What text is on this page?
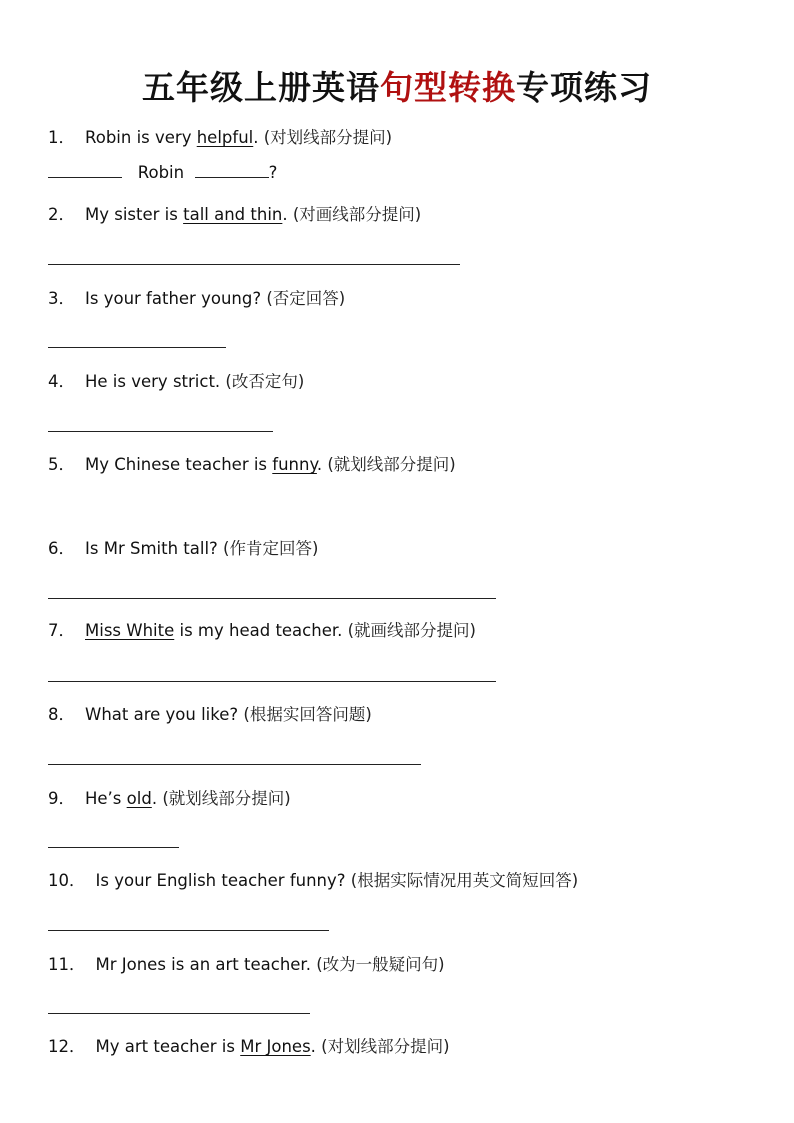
五年级上册英语句型转换专项练习
1． Robin is very helpful. (对划线部分提问)
Robin	?
2． My sister is tall and thin. (对画线部分提问)
3． Is your father young? (否定回答)
4． He is very strict. (改否定句)
5． My Chinese teacher is funny. (就划线部分提问)
6． Is Mr Smith tall? (作肯定回答)
7． Miss White is my head teacher. (就画线部分提问)
8． What are you like? (根据实回答问题)
9． He’s old. (就划线部分提问)
10． Is your English teacher funny? (根据实际情况用英文简短回答)
11． Mr Jones is an art teacher. (改为一般疑问句)
12． My art teacher is Mr Jones. (对划线部分提问)
